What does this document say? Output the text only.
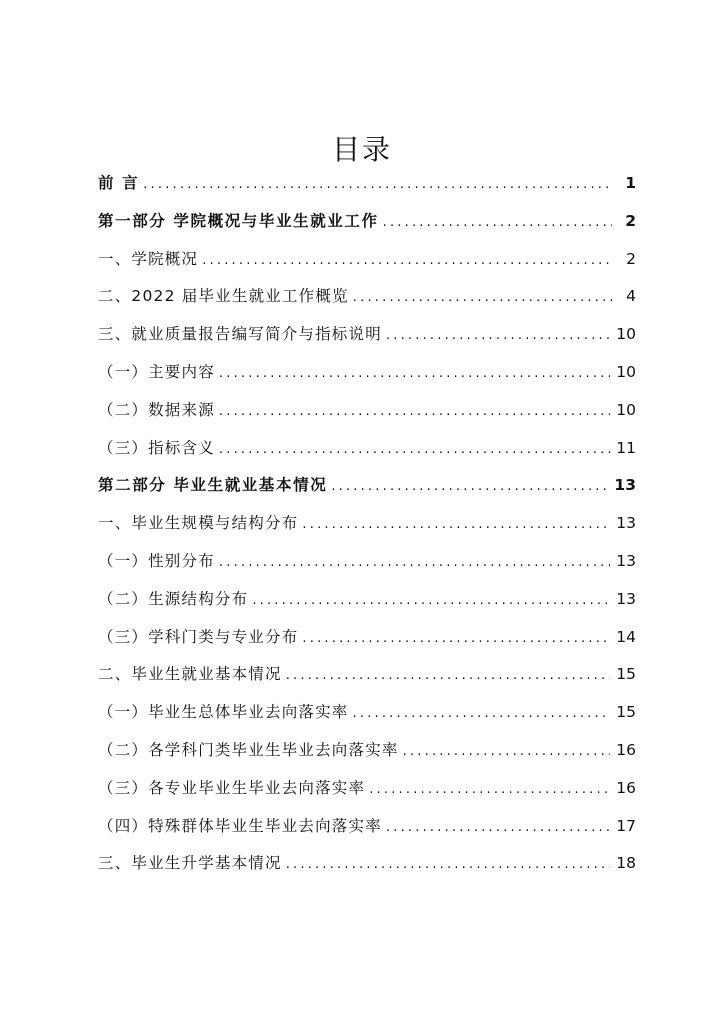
目录
前 言 .....	1
第一部分 学院概况与毕业生就业工作 .....	2
一、学院概况 .....	2
二、2022 届毕业生就业工作概览 .....	4
三、就业质量报告编写简介与指标说明 .....	10
（一）主要内容 .....	10
（二）数据来源 .....	10
（三）指标含义 .....	11
第二部分 毕业生就业基本情况 .....	13
一、毕业生规模与结构分布 .....	13
（一）性别分布 .....	13
（二）生源结构分布 .....	13
（三）学科门类与专业分布 .....	14
二、毕业生就业基本情况 .....	15
（一）毕业生总体毕业去向落实率 .....	15
（二）各学科门类毕业生毕业去向落实率 .....	16
（三）各专业毕业生毕业去向落实率 .....	16
（四）特殊群体毕业生毕业去向落实率 .....	17
三、毕业生升学基本情况 .....	18
